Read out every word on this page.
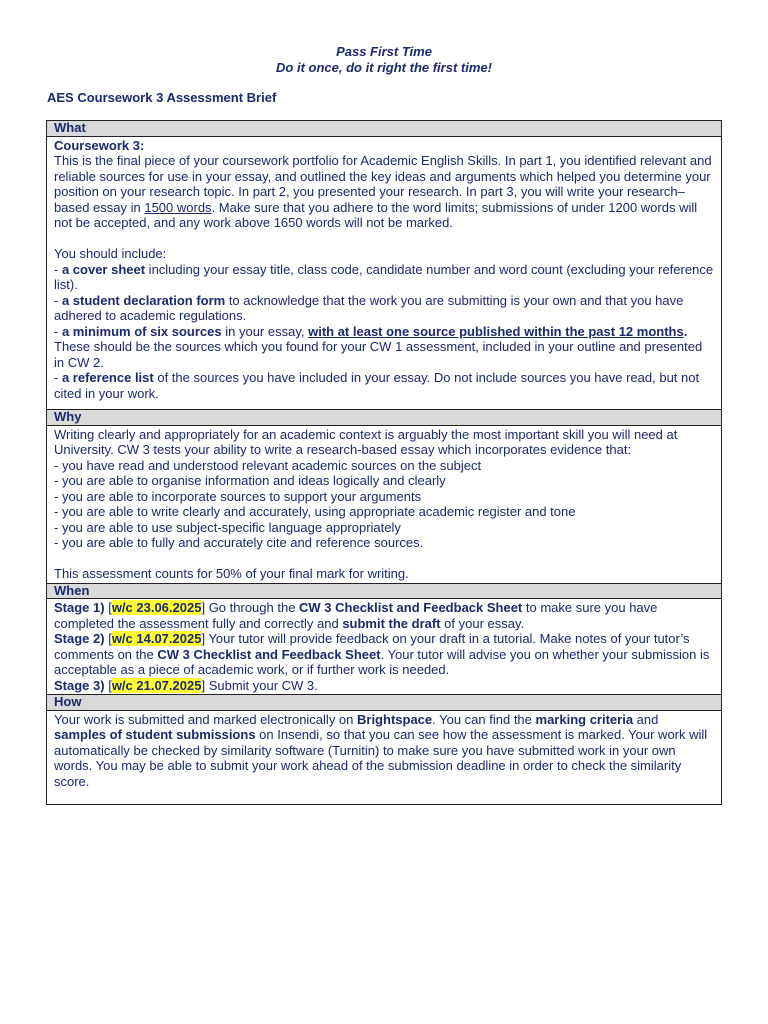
Pass First Time
Do it once, do it right the first time!
AES Coursework 3 Assessment Brief
What

Coursework 3:

This is the final piece of your coursework portfolio for Academic English Skills. In part 1, you identified relevant and reliable sources for use in your essay, and outlined the key ideas and arguments which helped you determine your position on your research topic. In part 2, you presented your research. In part 3, you will write your research–based essay in 1500 words. Make sure that you adhere to the word limits; submissions of under 1200 words will not be accepted, and any work above 1650 words will not be marked.

You should include:

- a cover sheet including your essay title, class code, candidate number and word count (excluding your reference list).

- a student declaration form to acknowledge that the work you are submitting is your own and that you have adhered to academic regulations.

- a minimum of six sources in your essay, with at least one source published within the past 12 months. These should be the sources which you found for your CW 1 assessment, included in your outline and presented in CW 2.

- a reference list of the sources you have included in your essay. Do not include sources you have read, but not cited in your work.

Why

Writing clearly and appropriately for an academic context is arguably the most important skill you will need at University. CW 3 tests your ability to write a research-based essay which incorporates evidence that:

- you have read and understood relevant academic sources on the subject

- you are able to organise information and ideas logically and clearly

- you are able to incorporate sources to support your arguments

- you are able to write clearly and accurately, using appropriate academic register and tone

- you are able to use subject-specific language appropriately

- you are able to fully and accurately cite and reference sources.

This assessment counts for 50% of your final mark for writing.

When

Stage 1) [w/c 23.06.2025] Go through the CW 3 Checklist and Feedback Sheet to make sure you have completed the assessment fully and correctly and submit the draft of your essay.

Stage 2) [w/c 14.07.2025] Your tutor will provide feedback on your draft in a tutorial. Make notes of your tutor’s comments on the CW 3 Checklist and Feedback Sheet. Your tutor will advise you on whether your submission is acceptable as a piece of academic work, or if further work is needed.

Stage 3) [w/c 21.07.2025] Submit your CW 3.

How

Your work is submitted and marked electronically on Brightspace. You can find the marking criteria and samples of student submissions on Insendi, so that you can see how the assessment is marked. Your work will automatically be checked by similarity software (Turnitin) to make sure you have submitted work in your own words. You may be able to submit your work ahead of the submission deadline in order to check the similarity score.
